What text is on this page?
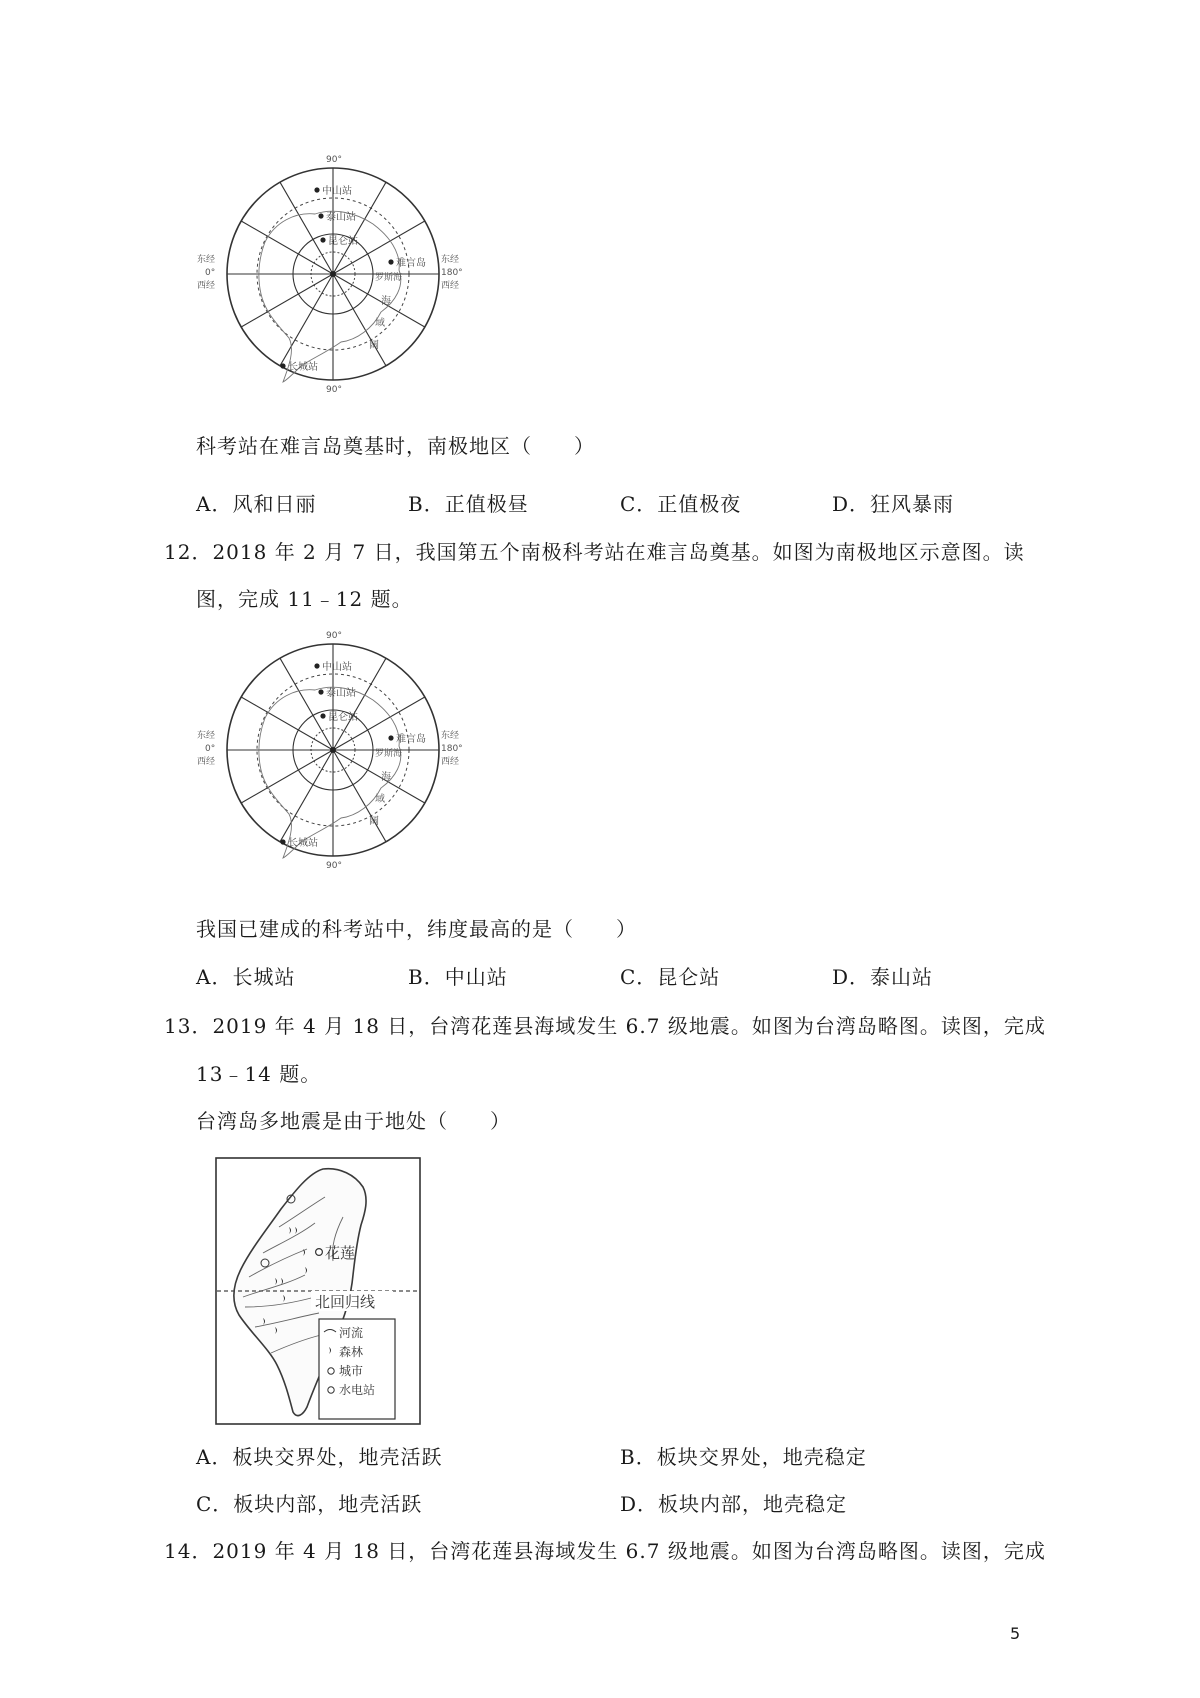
中山站
泰山站
昆仑站
难言岛
长城站
罗斯海
海
域
阔
90°
90°
东经
0°
西经
东经
180°
西经
科考站在难言岛奠基时，南极地区（　　）
A．风和日丽	B．正值极昼	C．正值极夜	D．狂风暴雨
12．2018 年 2 月 7 日，我国第五个南极科考站在难言岛奠基。如图为南极地区示意图。读
图，完成 11﹣12 题。
中山站
泰山站
昆仑站
难言岛
长城站
罗斯海
海
域
阔
90°
90°
东经
0°
西经
东经
180°
西经
我国已建成的科考站中，纬度最高的是（　　）
A．长城站	B．中山站	C．昆仑站	D．泰山站
13．2019 年 4 月 18 日，台湾花莲县海域发生 6.7 级地震。如图为台湾岛略图。读图，完成
13﹣14 题。
台湾岛多地震是由于地处（　　）
北回归线
花莲
河流
森林
城市
水电站
A．板块交界处，地壳活跃	B．板块交界处，地壳稳定
C．板块内部，地壳活跃	D．板块内部，地壳稳定
14．2019 年 4 月 18 日，台湾花莲县海域发生 6.7 级地震。如图为台湾岛略图。读图，完成
5
